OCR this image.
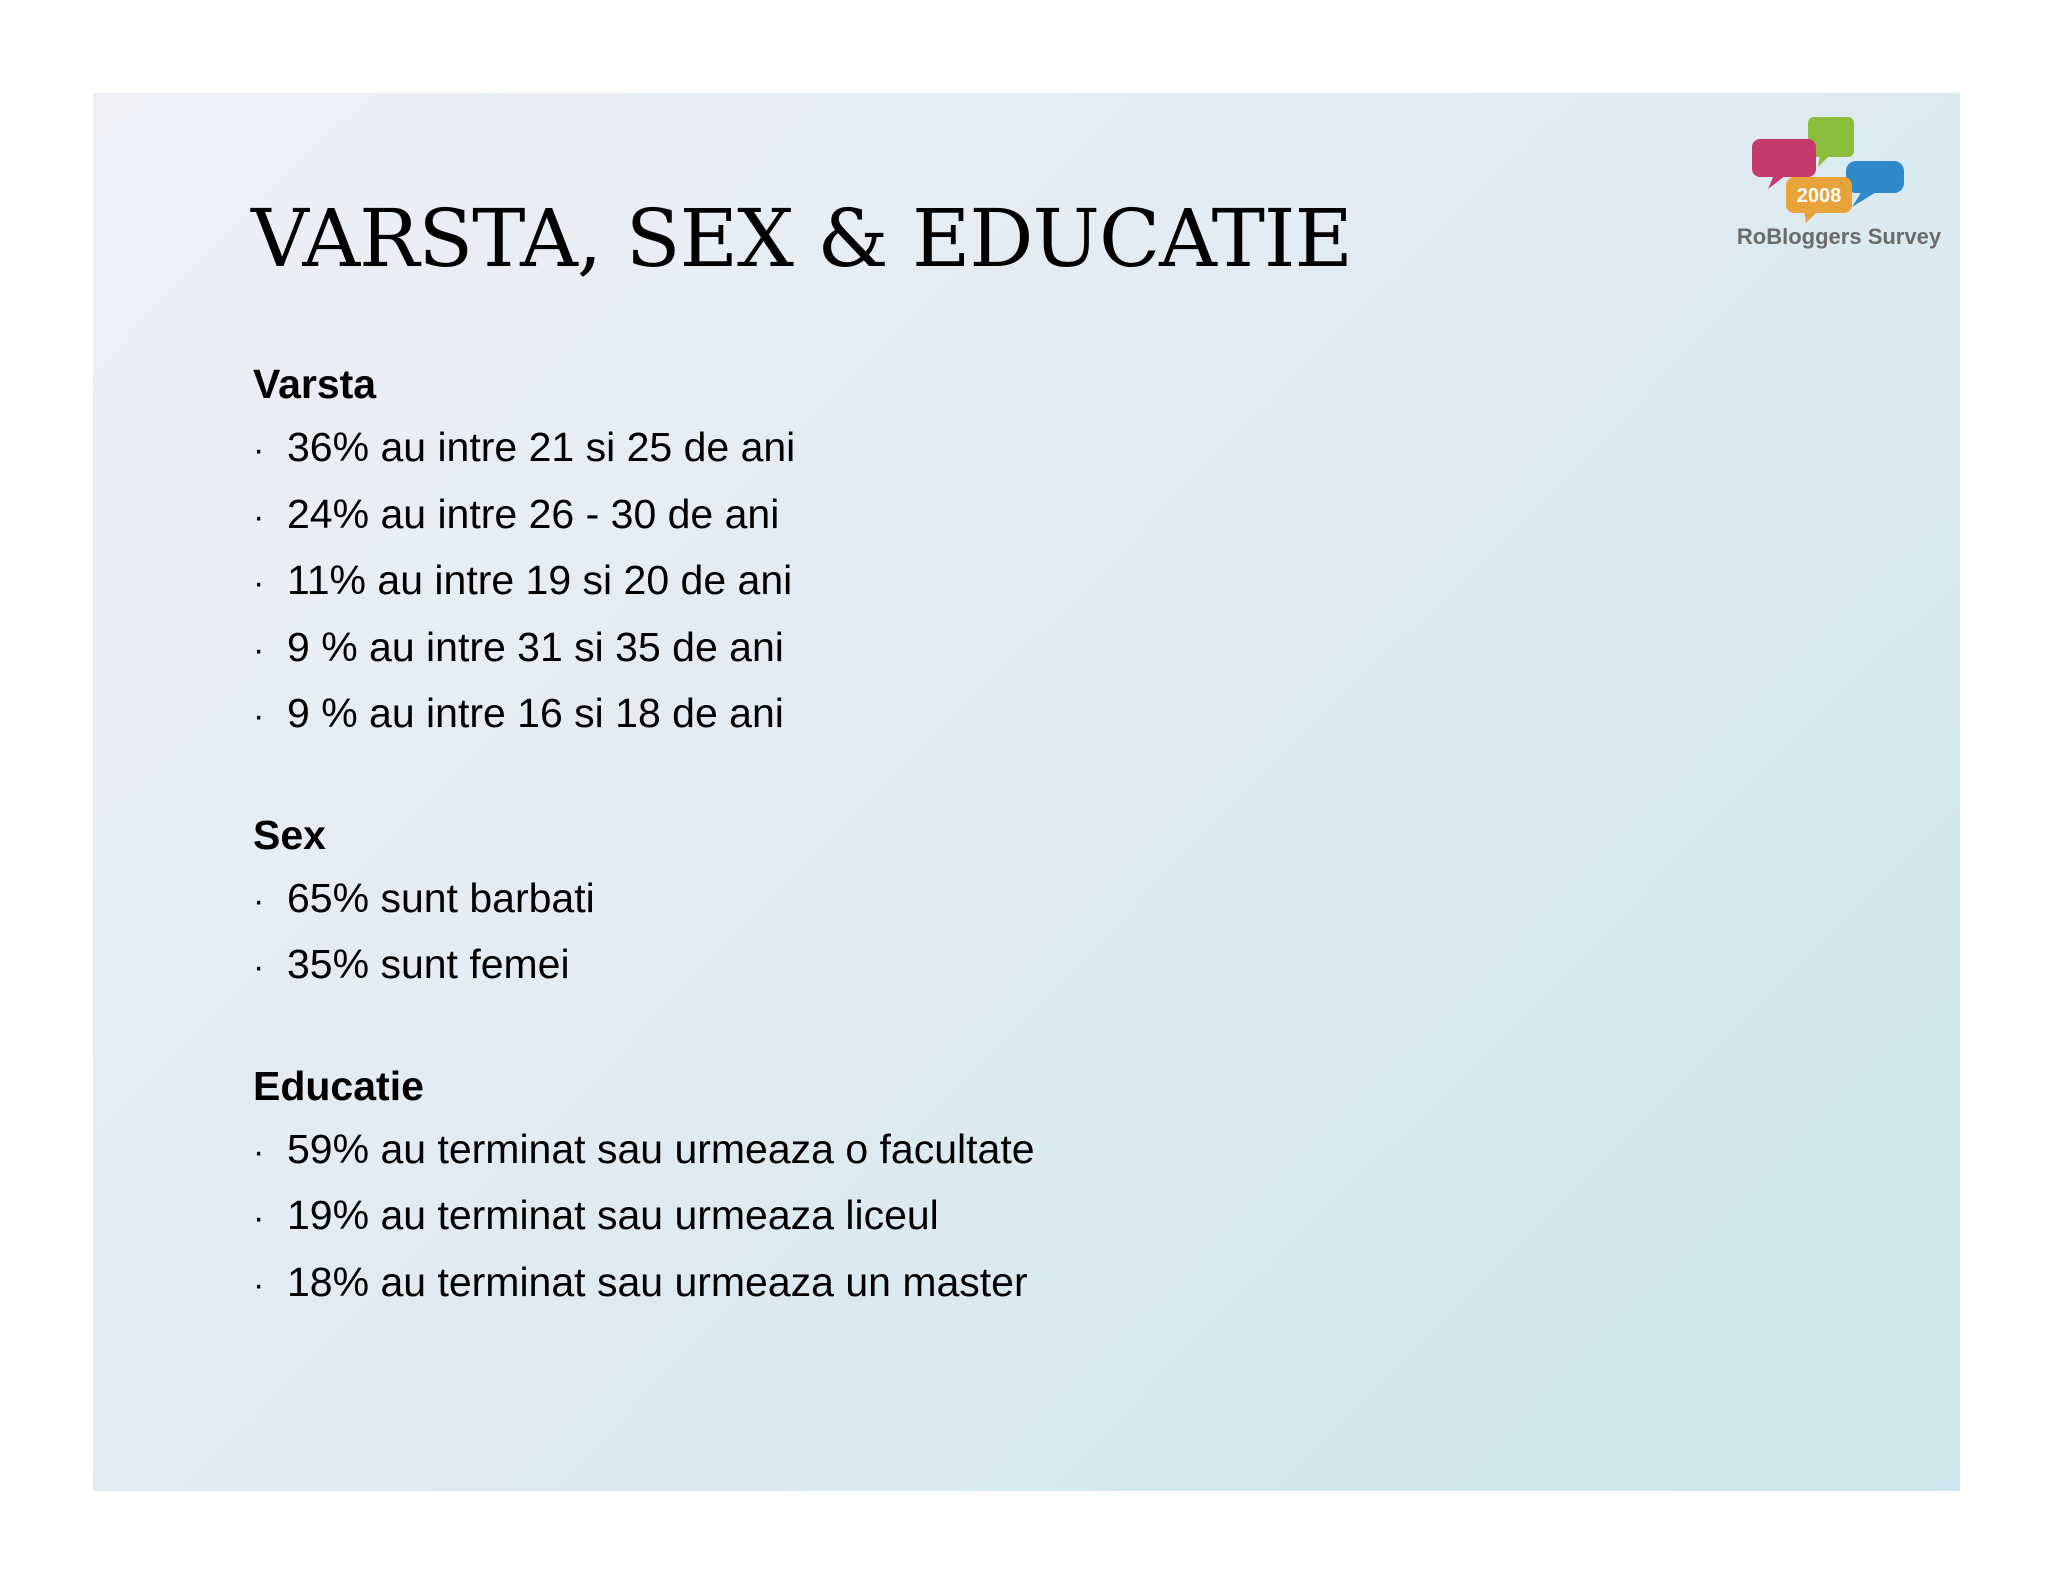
2008
RoBloggers Survey
VARSTA, SEX & EDUCATIE
Varsta
· 36% au intre 21 si 25 de ani
· 24% au intre 26 - 30 de ani
· 11% au intre 19 si 20 de ani
· 9 % au intre 31 si 35 de ani
· 9 % au intre 16 si 18 de ani
Sex
· 65% sunt barbati
· 35% sunt femei
Educatie
· 59% au terminat sau urmeaza o facultate
· 19% au terminat sau urmeaza liceul
· 18% au terminat sau urmeaza un master
